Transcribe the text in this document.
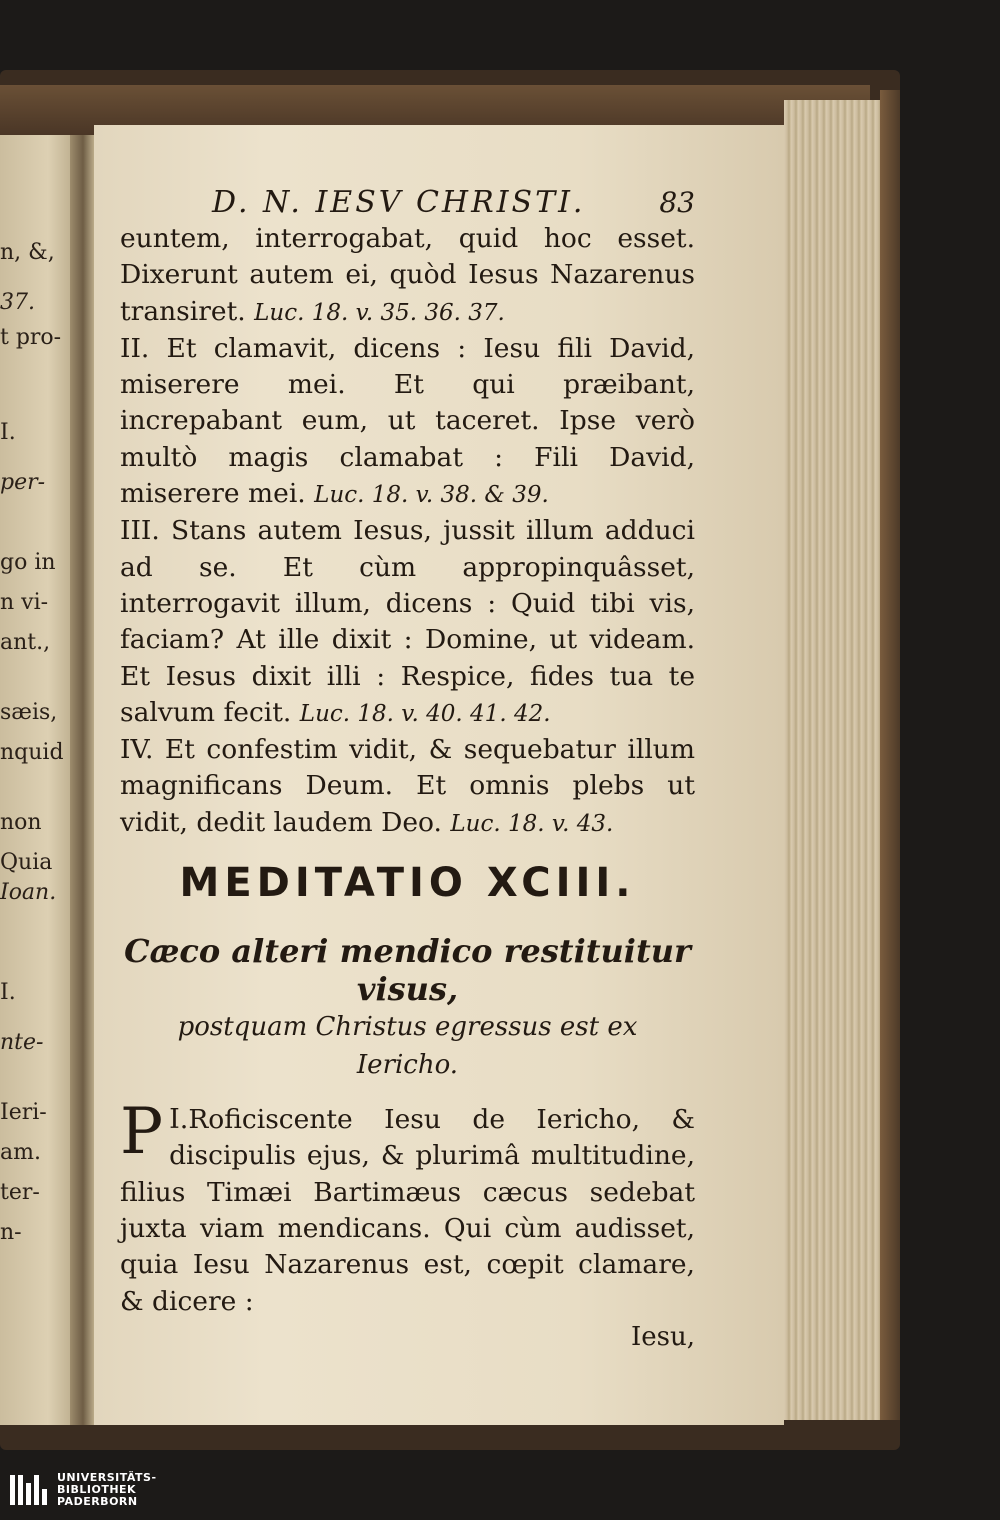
n, &,
37.
t pro-
I.
per-
go in
n vi-
ant.,
sæis,
nquid
non
Quia
Ioan.
I.
nte-
Ieri-
am.
ter-
n-
D. N. IESV CHRISTI.	83

euntem, interrogabat, quid hoc esset. Dixerunt autem ei, quòd Iesus Nazarenus transiret. Luc. 18. v. 35. 36. 37.

II. Et clamavit, dicens : Iesu fili David, miserere mei. Et qui præibant, increpabant eum, ut taceret. Ipse verò multò magis clamabat : Fili David, miserere mei. Luc. 18. v. 38. & 39.

III. Stans autem Iesus, jussit illum adduci ad se. Et cùm appropinquâsset, interrogavit illum, dicens : Quid tibi vis, faciam? At ille dixit : Domine, ut videam. Et Iesus dixit illi : Respice, fides tua te salvum fecit. Luc. 18. v. 40. 41. 42.

IV. Et confestim vidit, & sequebatur illum magnificans Deum. Et omnis plebs ut vidit, dedit laudem Deo. Luc. 18. v. 43.

MEDITATIO XCIII.
Cæco alteri mendico restituitur visus,
postquam Christus egressus est ex
Iericho.

I.
P Roficiscente Iesu de Iericho, & discipulis ejus, & plurimâ multitudine, filius Timæi Bartimæus cæcus sedebat juxta viam mendicans. Qui cùm audisset, quia Iesu Nazarenus est, cœpit clamare, & dicere :

Iesu,
UNIVERSITÄTS-
BIBLIOTHEK
PADERBORN
